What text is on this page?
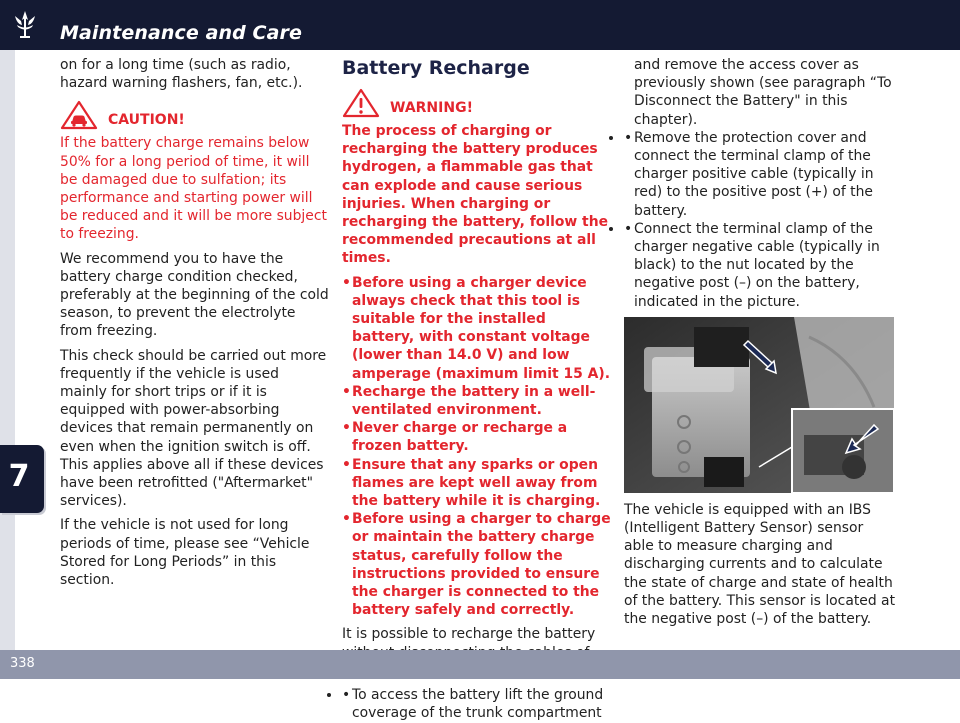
Maintenance and Care
7

on for a long time (such as radio, hazard warning flashers, fan, etc.).

CAUTION!

If the battery charge remains below 50% for a long period of time, it will be damaged due to sulfation; its performance and starting power will be reduced and it will be more subject to freezing.

We recommend you to have the battery charge condition checked, preferably at the beginning of the cold season, to prevent the electrolyte from freezing.

This check should be carried out more frequently if the vehicle is used mainly for short trips or if it is equipped with power-absorbing devices that remain permanently on even when the ignition switch is off. This applies above all if these devices have been retrofitted ("Aftermarket" services).

If the vehicle is not used for long periods of time, please see “Vehicle Stored for Long Periods” in this section.

Battery Recharge
WARNING!

The process of charging or recharging the battery produces hydrogen, a flammable gas that can explode and cause serious injuries. When charging or recharging the battery, follow the recommended precautions at all times.

• Before using a charger device always check that this tool is suitable for the installed battery, with constant voltage (lower than 14.0 V) and low amperage (maximum limit 15 A).
• Recharge the battery in a well-ventilated environment.
• Never charge or recharge a frozen battery.
• Ensure that any sparks or open flames are kept well away from the battery while it is charging.
• Before using a charger to charge or maintain the battery charge status, carefully follow the instructions provided to ensure the charger is connected to the battery safely and correctly.

It is possible to recharge the battery

• • To access the battery lift the ground coverage of the trunk compartment
and remove the access cover as previously shown (see paragraph “To Disconnect the Battery" in this chapter).
• • Remove the protection cover and connect the terminal clamp of the charger positive cable (typically in red) to the positive post (+) of the battery.
• • Connect the terminal clamp of the charger negative cable (typically in black) to the nut located by the negative post (–) on the battery, indicated in the picture.

The vehicle is equipped with an IBS (Intelligent Battery Sensor) sensor able to measure charging and discharging currents and to calculate the state of charge and state of health of the battery. This sensor is located at the negative post (–) of the battery.

338
